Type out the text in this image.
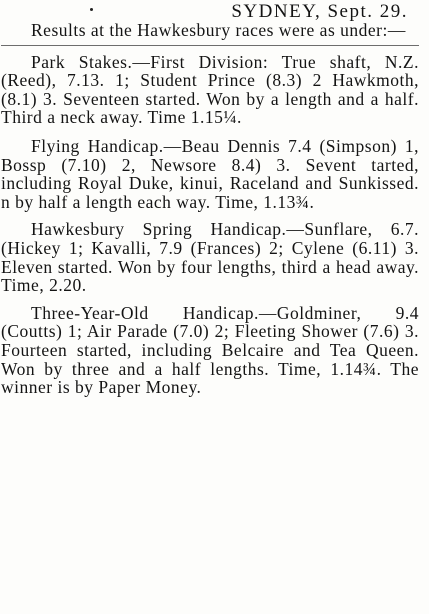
SYDNEY, Sept. 29.

Results at the Hawkesbury races were as under:—

Park Stakes.—First Division: True shaft, N.Z. (Reed), 7.13. 1; Student Prince (8.3) 2 Hawkmoth, (8.1) 3. Seventeen started. Won by a length and a half. Third a neck away. Time 1.15¼.

Flying Handicap.—Beau Dennis 7.4 (Simpson) 1, Bossp (7.10) 2, Newsore 8.4) 3. Sevent tarted, including Royal Duke, kinui, Raceland and Sunkissed. n by half a length each way. Time, 1.13¾.

Hawkesbury Spring Handicap.—Sunflare, 6.7. (Hickey 1; Kavalli, 7.9 (Frances) 2; Cylene (6.11) 3. Eleven started. Won by four lengths, third a head away. Time, 2.20.

Three-Year-Old Handicap.—Goldminer, 9.4 (Coutts) 1; Air Parade (7.0) 2; Fleeting Shower (7.6) 3. Fourteen started, including Belcaire and Tea Queen. Won by three and a half lengths. Time, 1.14¾. The winner is by Paper Money.
